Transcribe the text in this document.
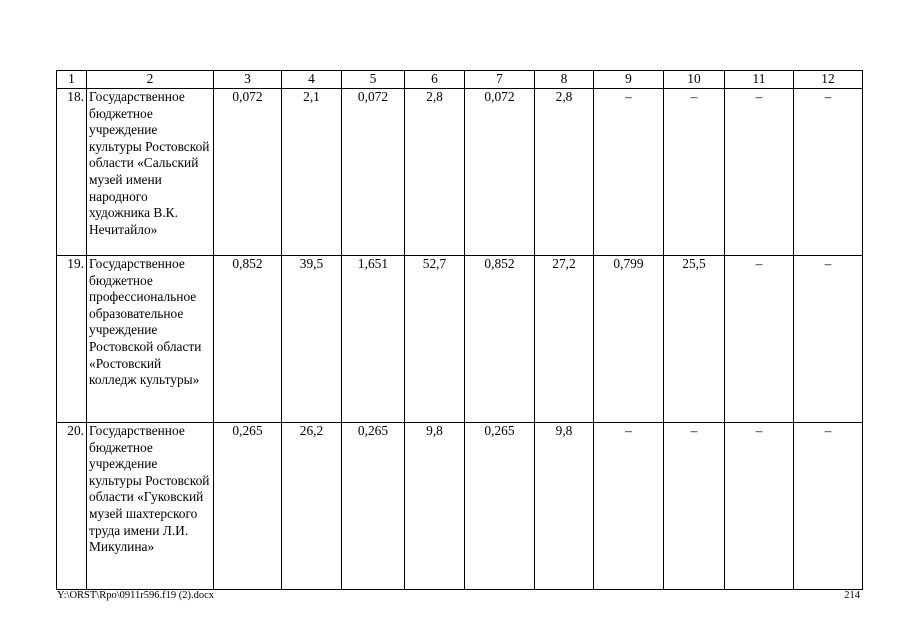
1	2	3	4	5	6	7	8	9	10	11	12
18.	Государственное бюджетное учреждение культуры Ростовской области «Сальский музей имени народного художника В.К. Нечитайло»	0,072	2,1	0,072	2,8	0,072	2,8	–	–	–	–
19.	Государственное бюджетное профессиональное образовательное учреждение Ростовской области «Ростовский колледж культуры»	0,852	39,5	1,651	52,7	0,852	27,2	0,799	25,5	–	–
20.	Государственное бюджетное учреждение культуры Ростовской области «Гуковский музей шахтерского труда имени Л.И. Микулина»	0,265	26,2	0,265	9,8	0,265	9,8	–	–	–	–
Y:\ORST\Rpo\0911r596.f19 (2).docx	214
